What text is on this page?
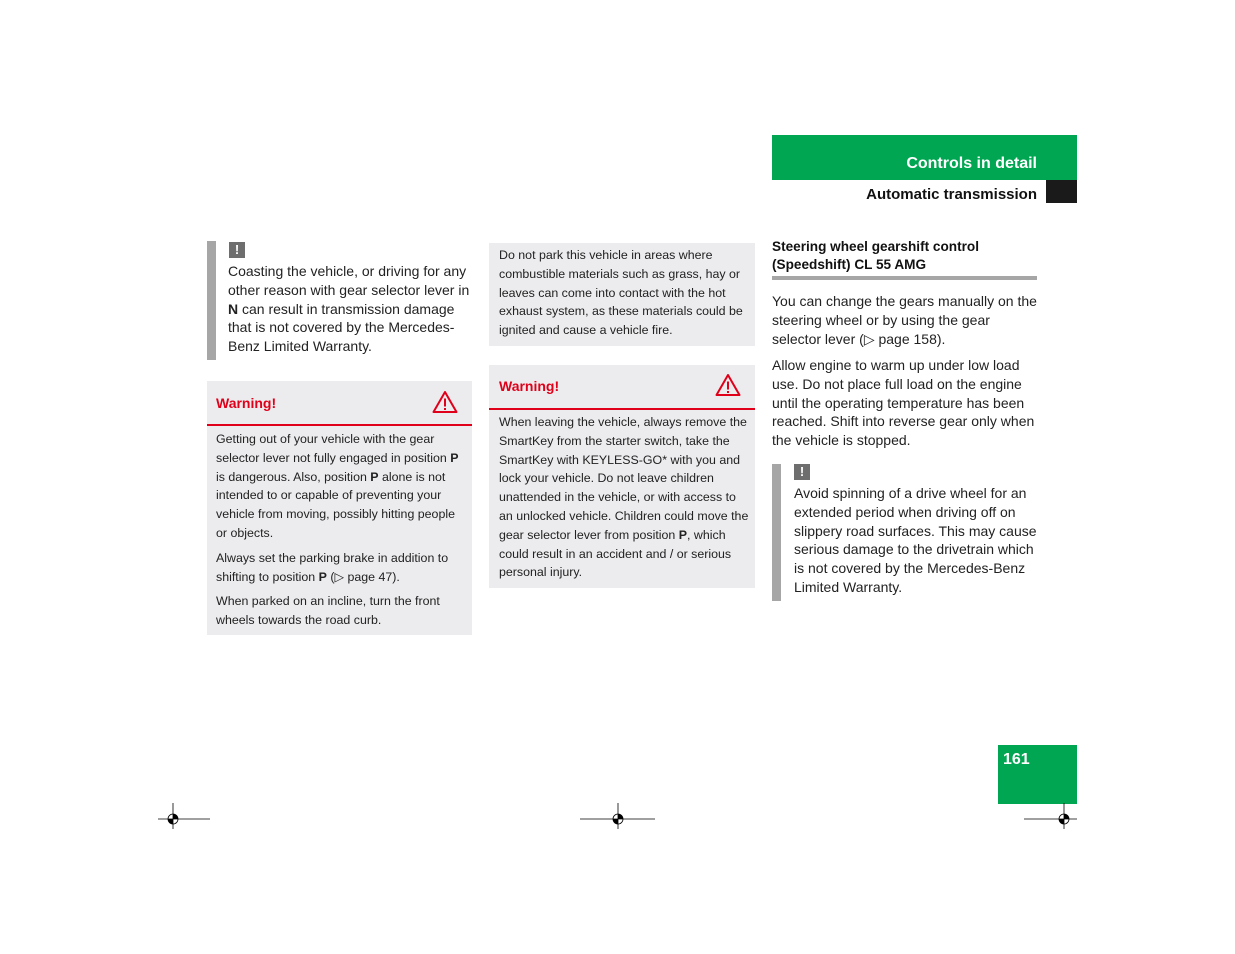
Controls in detail
Automatic transmission
!

Coasting the vehicle, or driving for any other reason with gear selector lever in N can result in transmission damage that is not covered by the Mercedes-Benz Limited Warranty.

Warning!

Getting out of your vehicle with the gear selector lever not fully engaged in position P is dangerous. Also, position P alone is not intended to or capable of preventing your vehicle from moving, possibly hitting people or objects.

Always set the parking brake in addition to shifting to position P (▷ page 47).

When parked on an incline, turn the front wheels towards the road curb.

Do not park this vehicle in areas where combustible materials such as grass, hay or leaves can come into contact with the hot exhaust system, as these materials could be ignited and cause a vehicle fire.

Warning!

When leaving the vehicle, always remove the SmartKey from the starter switch, take the SmartKey with KEYLESS-GO* with you and lock your vehicle. Do not leave children unattended in the vehicle, or with access to an unlocked vehicle. Children could move the gear selector lever from position P, which could result in an accident and / or serious personal injury.

Steering wheel gearshift control (Speedshift) CL 55 AMG

You can change the gears manually on the steering wheel or by using the gear selector lever (▷ page 158).

Allow engine to warm up under low load use. Do not place full load on the engine until the operating temperature has been reached. Shift into reverse gear only when the vehicle is stopped.

!

Avoid spinning of a drive wheel for an extended period when driving off on slippery road surfaces. This may cause serious damage to the drivetrain which is not covered by the Mercedes-Benz Limited Warranty.

161
